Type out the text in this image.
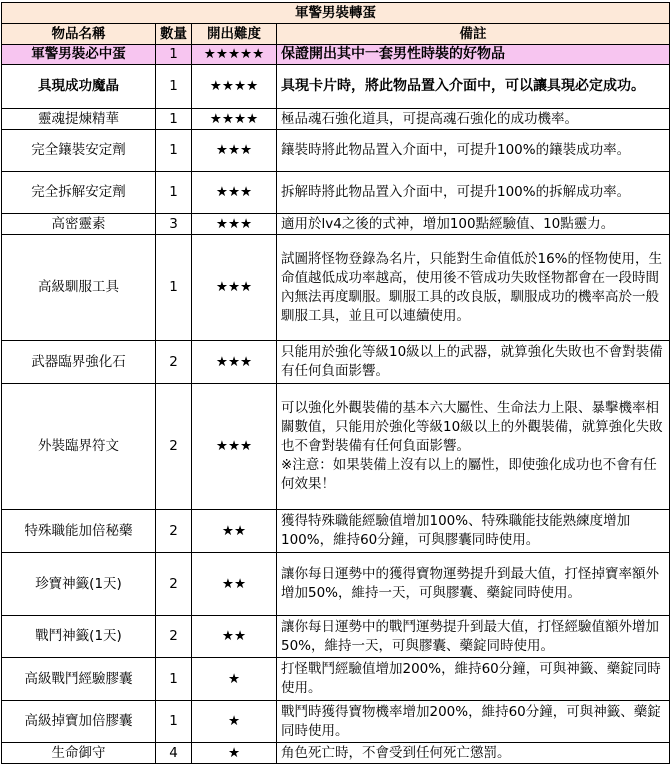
軍警男裝轉蛋			
物品名稱	數量	開出難度	備註
軍警男裝必中蛋	1	★★★★★	保證開出其中一套男性時裝的好物品
具現成功魔晶	1	★★★★	具現卡片時，將此物品置入介面中，可以讓具現必定成功。
靈魂提煉精華	1	★★★★	極品魂石強化道具，可提高魂石強化的成功機率。
完全鑲裝安定劑	1	★★★	鑲裝時將此物品置入介面中，可提升100%的鑲裝成功率。
完全拆解安定劑	1	★★★	拆解時將此物品置入介面中，可提升100%的拆解成功率。
高密靈素	3	★★★	適用於lv4之後的式神，增加100點經驗值、10點靈力。
高級馴服工具	1	★★★	試圖將怪物登錄為名片，只能對生命值低於16%的怪物使用，生命值越低成功率越高，使用後不管成功失敗怪物都會在一段時間內無法再度馴服。馴服工具的改良版，馴服成功的機率高於一般馴服工具，並且可以連續使用。
武器臨界強化石	2	★★★	只能用於強化等級10級以上的武器，就算強化失敗也不會對裝備有任何負面影響。
外裝臨界符文	2	★★★	可以強化外觀裝備的基本六大屬性、生命法力上限、暴擊機率相關數值，只能用於強化等級10級以上的外觀裝備，就算強化失敗也不會對裝備有任何負面影響。
※注意：如果裝備上沒有以上的屬性，即使強化成功也不會有任何效果！

特殊職能加倍秘藥	2	★★	獲得特殊職能經驗值增加100%、特殊職能技能熟練度增加100%，維持60分鐘，可與膠囊同時使用。
珍寶神籤(1天)	2	★★	讓你每日運勢中的獲得寶物運勢提升到最大值，打怪掉寶率額外增加50%，維持一天，可與膠囊、藥錠同時使用。
戰鬥神籤(1天)	2	★★	讓你每日運勢中的戰鬥運勢提升到最大值，打怪經驗值額外增加50%，維持一天，可與膠囊、藥錠同時使用。
高級戰鬥經驗膠囊	1	★	打怪戰鬥經驗值增加200%，維持60分鐘，可與神籤、藥錠同時使用。
高級掉寶加倍膠囊	1	★	戰鬥時獲得寶物機率增加200%，維持60分鐘，可與神籤、藥錠同時使用。
生命御守	4	★	角色死亡時，不會受到任何死亡懲罰。
